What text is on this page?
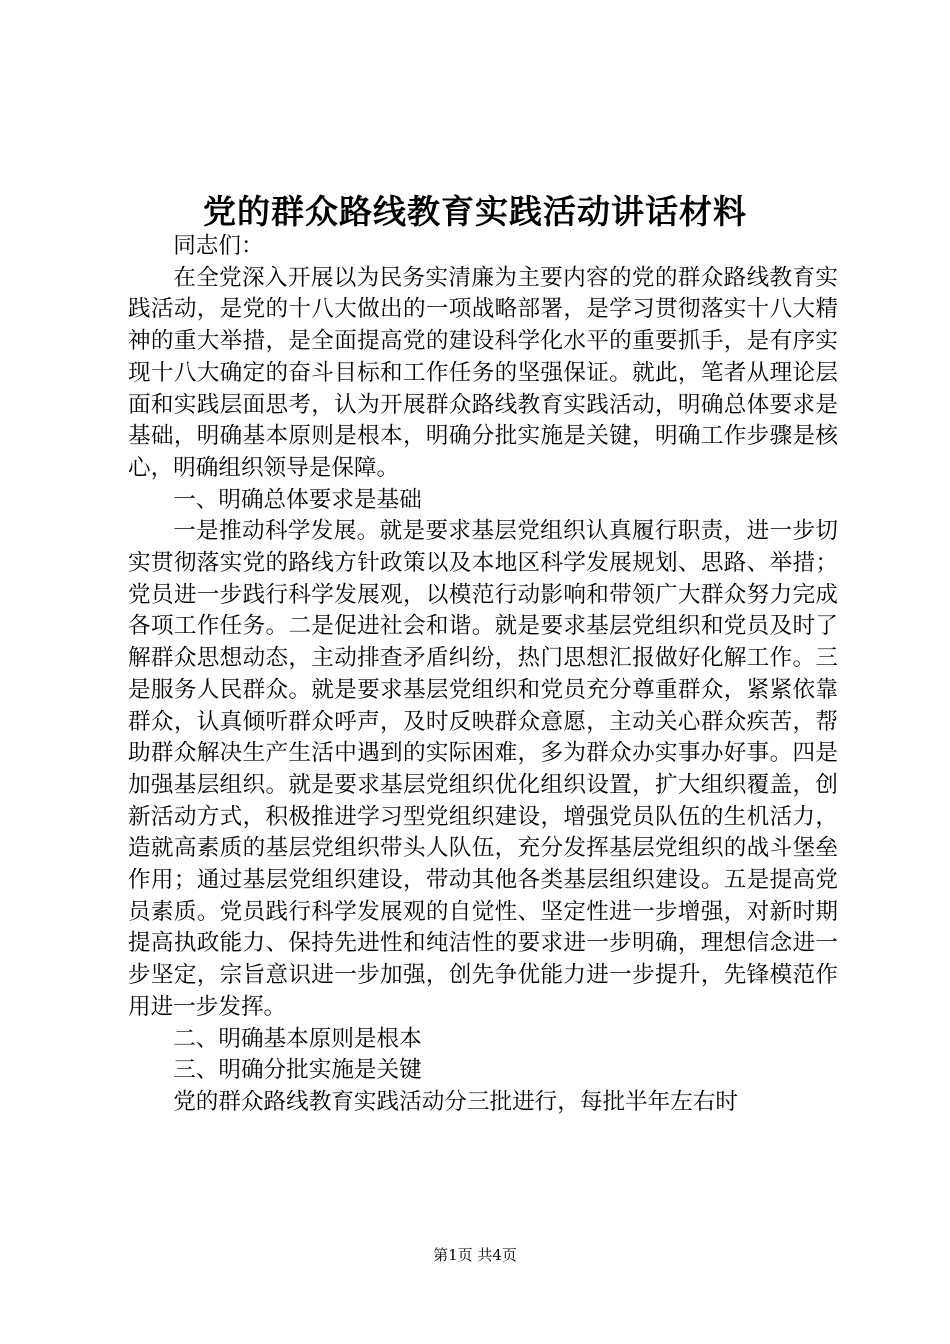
党的群众路线教育实践活动讲话材料

同志们：

在全党深入开展以为民务实清廉为主要内容的党的群众路线教育实践活动，是党的十八大做出的一项战略部署，是学习贯彻落实十八大精神的重大举措，是全面提高党的建设科学化水平的重要抓手，是有序实现十八大确定的奋斗目标和工作任务的坚强保证。就此，笔者从理论层面和实践层面思考，认为开展群众路线教育实践活动，明确总体要求是基础，明确基本原则是根本，明确分批实施是关键，明确工作步骤是核心，明确组织领导是保障。

一、明确总体要求是基础

一是推动科学发展。就是要求基层党组织认真履行职责，进一步切实贯彻落实党的路线方针政策以及本地区科学发展规划、思路、举措；党员进一步践行科学发展观，以模范行动影响和带领广大群众努力完成各项工作任务。二是促进社会和谐。就是要求基层党组织和党员及时了解群众思想动态，主动排查矛盾纠纷，热门思想汇报做好化解工作。三是服务人民群众。就是要求基层党组织和党员充分尊重群众，紧紧依靠群众，认真倾听群众呼声，及时反映群众意愿，主动关心群众疾苦，帮助群众解决生产生活中遇到的实际困难，多为群众办实事办好事。四是加强基层组织。就是要求基层党组织优化组织设置，扩大组织覆盖，创新活动方式，积极推进学习型党组织建设，增强党员队伍的生机活力，造就高素质的基层党组织带头人队伍，充分发挥基层党组织的战斗堡垒作用；通过基层党组织建设，带动其他各类基层组织建设。五是提高党员素质。党员践行科学发展观的自觉性、坚定性进一步增强，对新时期提高执政能力、保持先进性和纯洁性的要求进一步明确，理想信念进一步坚定，宗旨意识进一步加强，创先争优能力进一步提升，先锋模范作用进一步发挥。

二、明确基本原则是根本

三、明确分批实施是关键

党的群众路线教育实践活动分三批进行，每批半年左右时

第1页 共4页
